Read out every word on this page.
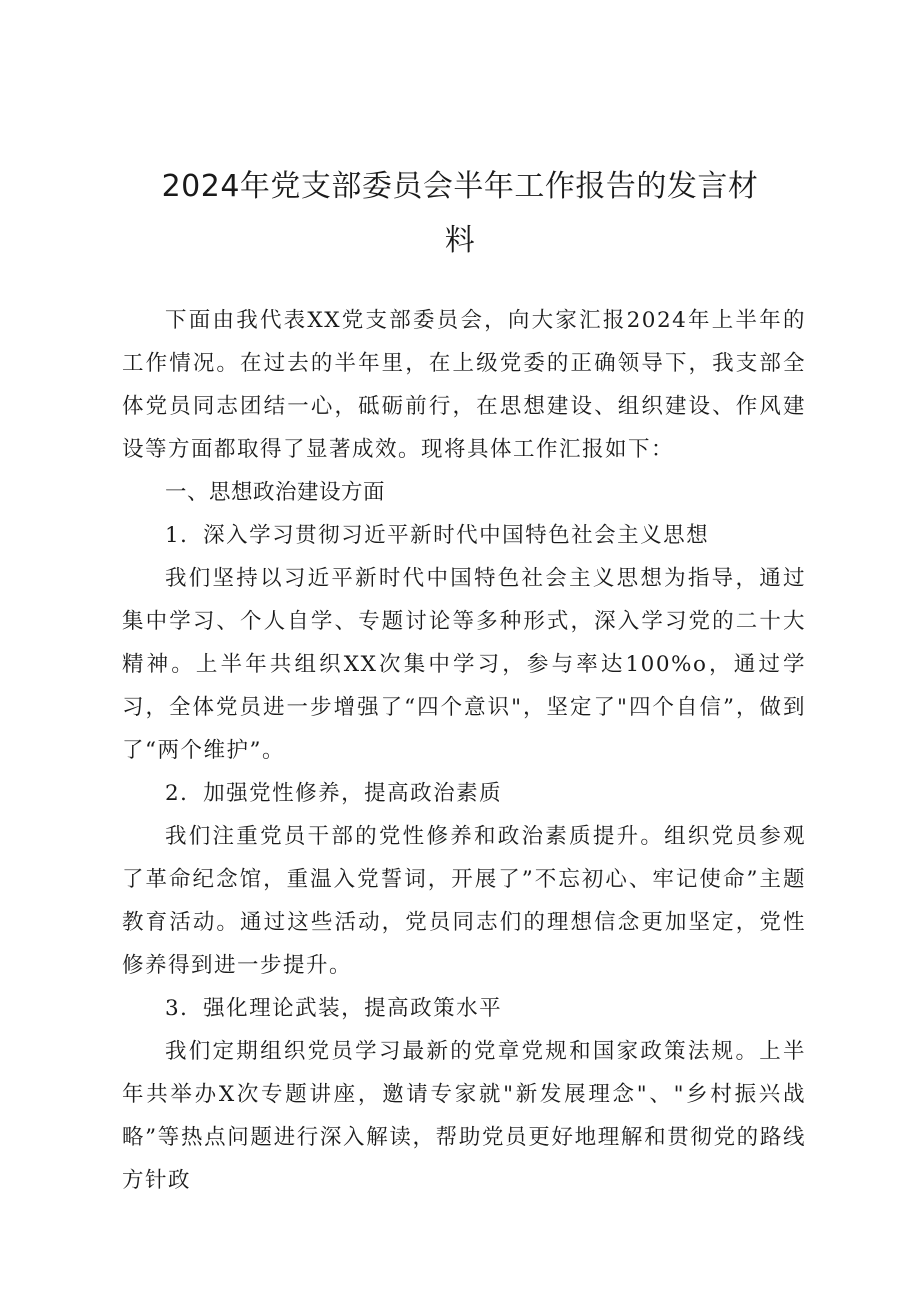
2024年党支部委员会半年工作报告的发言材
料

下面由我代表XX党支部委员会，向大家汇报2024年上半年的工作情况。在过去的半年里，在上级党委的正确领导下，我支部全体党员同志团结一心，砥砺前行，在思想建设、组织建设、作风建设等方面都取得了显著成效。现将具体工作汇报如下：

一、思想政治建设方面

1．深入学习贯彻习近平新时代中国特色社会主义思想

我们坚持以习近平新时代中国特色社会主义思想为指导，通过集中学习、个人自学、专题讨论等多种形式，深入学习党的二十大精神。上半年共组织XX次集中学习，参与率达100%o，通过学习，全体党员进一步增强了“四个意识"，坚定了"四个自信”，做到了“两个维护”。

2．加强党性修养，提高政治素质

我们注重党员干部的党性修养和政治素质提升。组织党员参观了革命纪念馆，重温入党誓词，开展了”不忘初心、牢记使命”主题教育活动。通过这些活动，党员同志们的理想信念更加坚定，党性修养得到进一步提升。

3．强化理论武装，提高政策水平

我们定期组织党员学习最新的党章党规和国家政策法规。上半年共举办X次专题讲座，邀请专家就"新发展理念"、"乡村振兴战略”等热点问题进行深入解读，帮助党员更好地理解和贯彻党的路线方针政
